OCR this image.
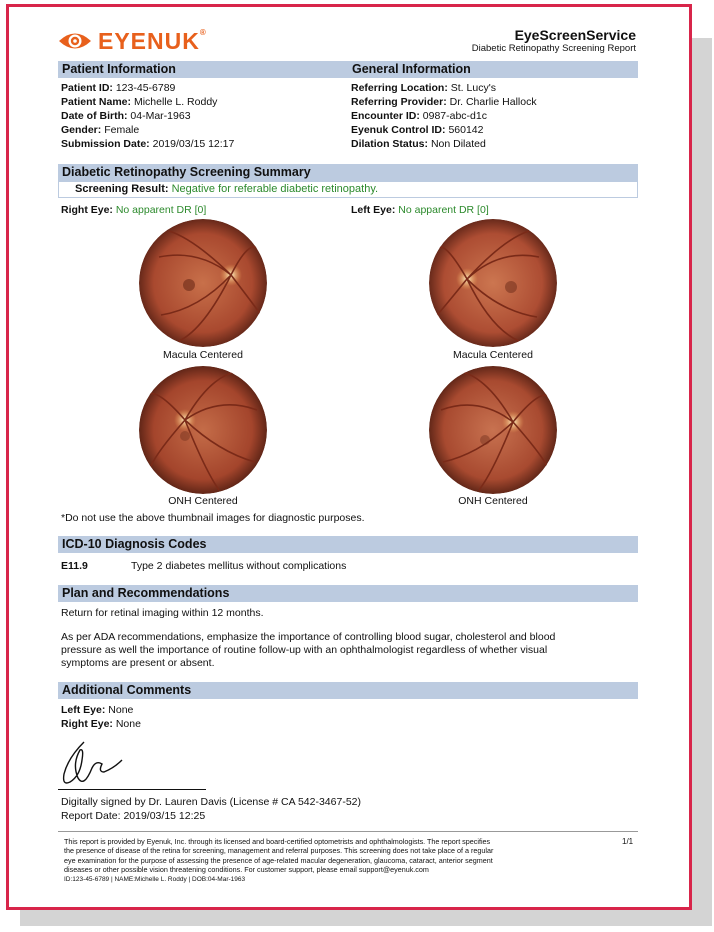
EYENUK®	EyeScreenService
Diabetic Retinopathy Screening Report
Patient Information	General Information
Patient ID: 123-45-6789
Patient Name: Michelle L. Roddy
Date of Birth: 04-Mar-1963
Gender: Female
Submission Date: 2019/03/15 12:17
Referring Location: St. Lucy's
Referring Provider: Dr. Charlie Hallock
Encounter ID: 0987-abc-d1c
Eyenuk Control ID: 560142
Dilation Status: Non Dilated
Diabetic Retinopathy Screening Summary
Screening Result: Negative for referable diabetic retinopathy.
Right Eye: No apparent DR [0]	Left Eye: No apparent DR [0]
Macula Centered	Macula Centered
ONH Centered	ONH Centered
*Do not use the above thumbnail images for diagnostic purposes.
ICD-10 Diagnosis Codes
E11.9	Type 2 diabetes mellitus without complications
Plan and Recommendations
Return for retinal imaging within 12 months.
As per ADA recommendations, emphasize the importance of controlling blood sugar, cholesterol and blood
pressure as well the importance of routine follow-up with an ophthalmologist regardless of whether visual
symptoms are present or absent.
Additional Comments
Left Eye: None
Right Eye: None
Digitally signed by Dr. Lauren Davis (License # CA 542-3467-52)
Report Date: 2019/03/15 12:25
This report is provided by Eyenuk, Inc. through its licensed and board-certified optometrists and ophthalmologists. The report specifies
the presence of disease of the retina for screening, management and referral purposes. This screening does not take place of a regular
eye examination for the purpose of assessing the presence of age-related macular degeneration, glaucoma, cataract, anterior segment
diseases or other possible vision threatening conditions. For customer support, please email support@eyenuk.com
ID:123-45-6789 | NAME:Michelle L. Roddy | DOB:04-Mar-1963
1/1
